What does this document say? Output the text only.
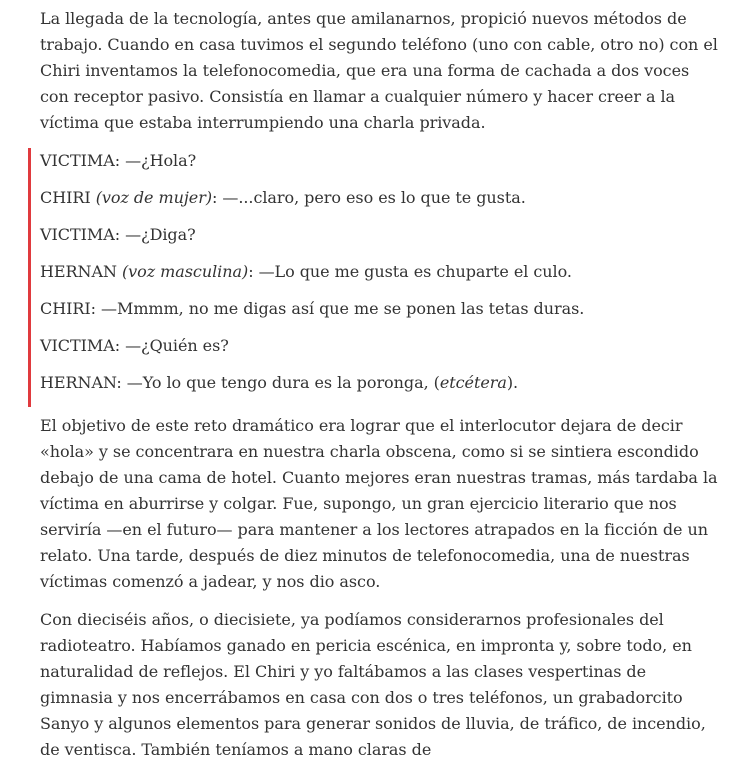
La llegada de la tecnología, antes que amilanarnos, propició nuevos métodos de trabajo. Cuando en casa tuvimos el segundo teléfono (uno con cable, otro no) con el Chiri inventamos la telefonocomedia, que era una forma de cachada a dos voces con receptor pasivo. Consistía en llamar a cualquier número y hacer creer a la víctima que estaba interrumpiendo una charla privada.

VICTIMA: —¿Hola?

CHIRI (voz de mujer): —...claro, pero eso es lo que te gusta.

VICTIMA: —¿Diga?

HERNAN (voz masculina): —Lo que me gusta es chuparte el culo.

CHIRI: —Mmmm, no me digas así que me se ponen las tetas duras.

VICTIMA: —¿Quién es?

HERNAN: —Yo lo que tengo dura es la poronga, (etcétera).

El objetivo de este reto dramático era lograr que el interlocutor dejara de decir «hola» y se concentrara en nuestra charla obscena, como si se sintiera escondido debajo de una cama de hotel. Cuanto mejores eran nuestras tramas, más tardaba la víctima en aburrirse y colgar. Fue, supongo, un gran ejercicio literario que nos serviría —en el futuro— para mantener a los lectores atrapados en la ficción de un relato. Una tarde, después de diez minutos de telefonocomedia, una de nuestras víctimas comenzó a jadear, y nos dio asco.

Con dieciséis años, o diecisiete, ya podíamos considerarnos profesionales del radioteatro. Habíamos ganado en pericia escénica, en impronta y, sobre todo, en naturalidad de reflejos. El Chiri y yo faltábamos a las clases vespertinas de gimnasia y nos encerrábamos en casa con dos o tres teléfonos, un grabadorcito Sanyo y algunos elementos para generar sonidos de lluvia, de tráfico, de incendio, de ventisca. También teníamos a mano claras de
